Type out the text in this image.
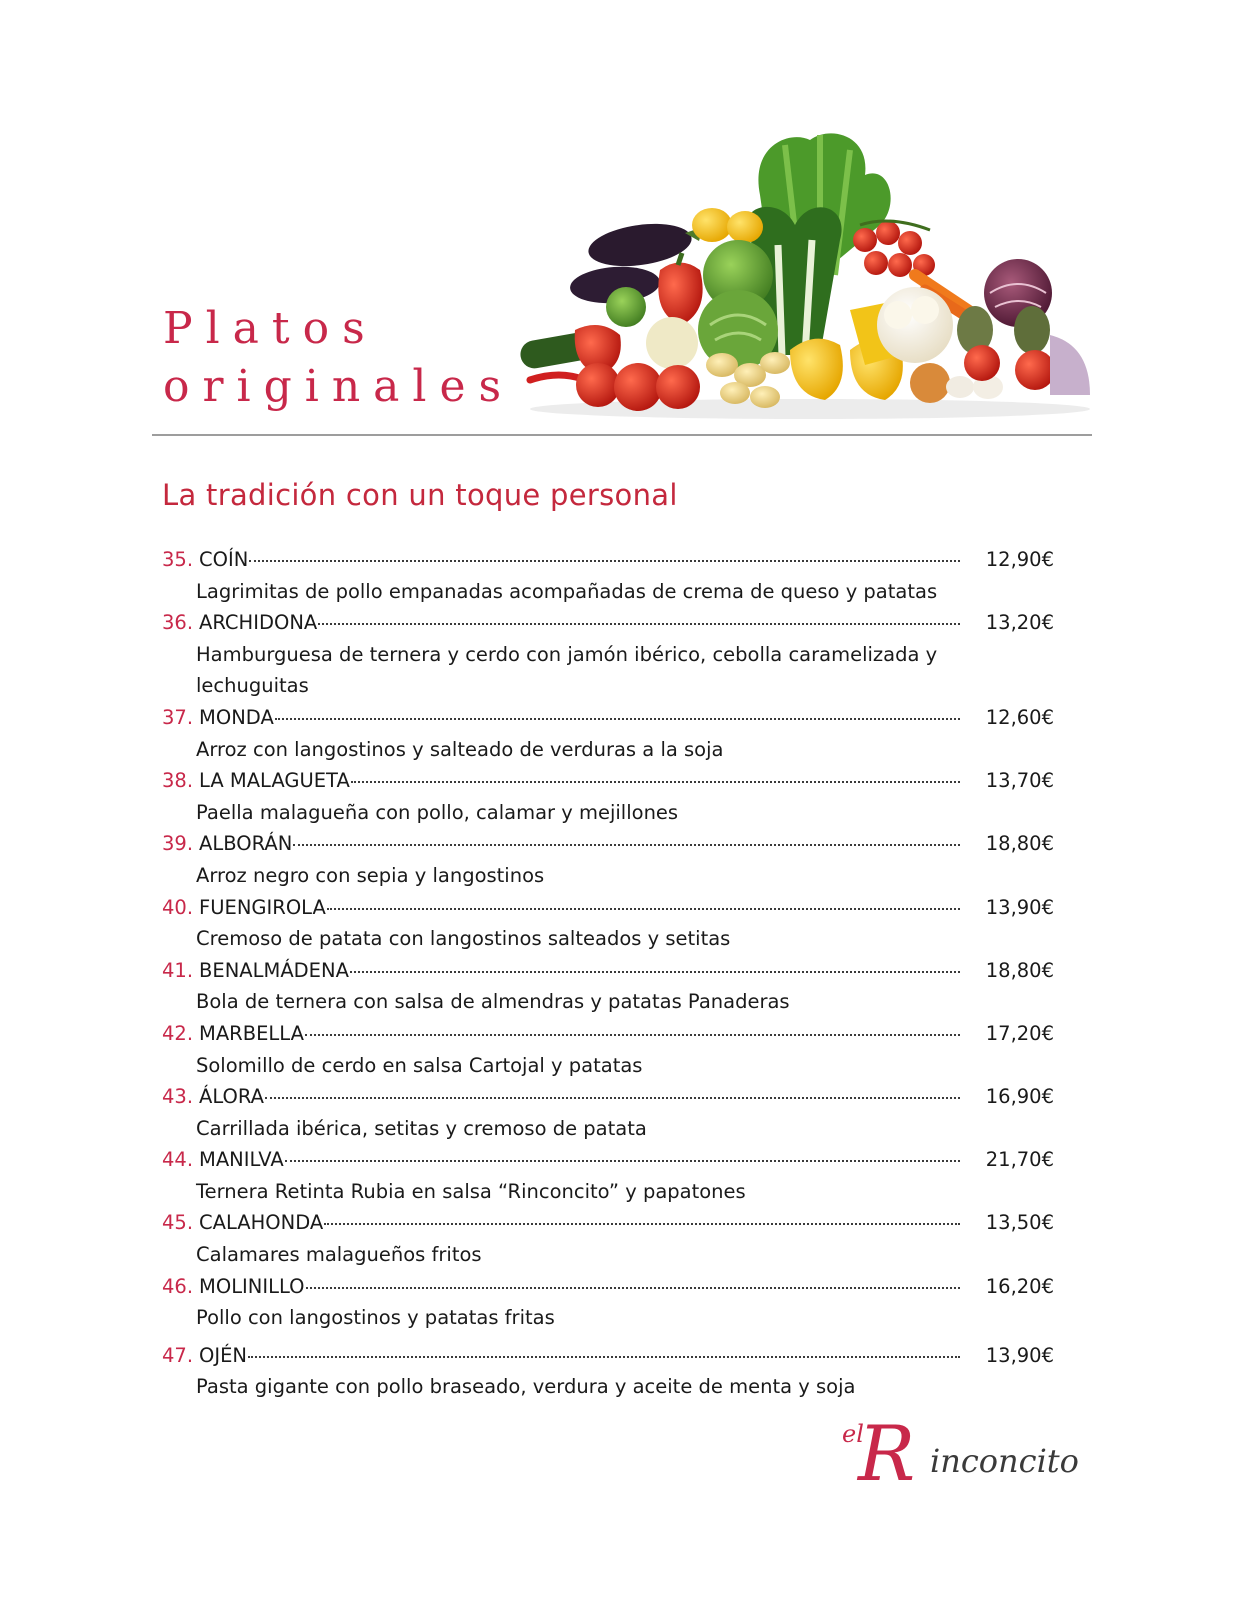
Platos
originales
La tradición con un toque personal
35. COÍN	12,90€
Lagrimitas de pollo empanadas acompañadas de crema de queso y patatas
36. ARCHIDONA	13,20€
Hamburguesa de ternera y cerdo con jamón ibérico, cebolla caramelizada y lechuguitas
37. MONDA	12,60€
Arroz con langostinos y salteado de verduras a la soja
38. LA MALAGUETA	13,70€
Paella malagueña con pollo, calamar y mejillones
39. ALBORÁN	18,80€
Arroz negro con sepia y langostinos
40. FUENGIROLA	13,90€
Cremoso de patata con langostinos salteados y setitas
41. BENALMÁDENA	18,80€
Bola de ternera con salsa de almendras y patatas Panaderas
42. MARBELLA	17,20€
Solomillo de cerdo en salsa Cartojal y patatas
43. ÁLORA	16,90€
Carrillada ibérica, setitas y cremoso de patata
44. MANILVA	21,70€
Ternera Retinta Rubia en salsa “Rinconcito” y papatones
45. CALAHONDA	13,50€
Calamares malagueños fritos
46. MOLINILLO	16,20€
Pollo con langostinos y patatas fritas
47. OJÉN	13,90€
Pasta gigante con pollo braseado, verdura y aceite de menta y soja
el
R inconcito
